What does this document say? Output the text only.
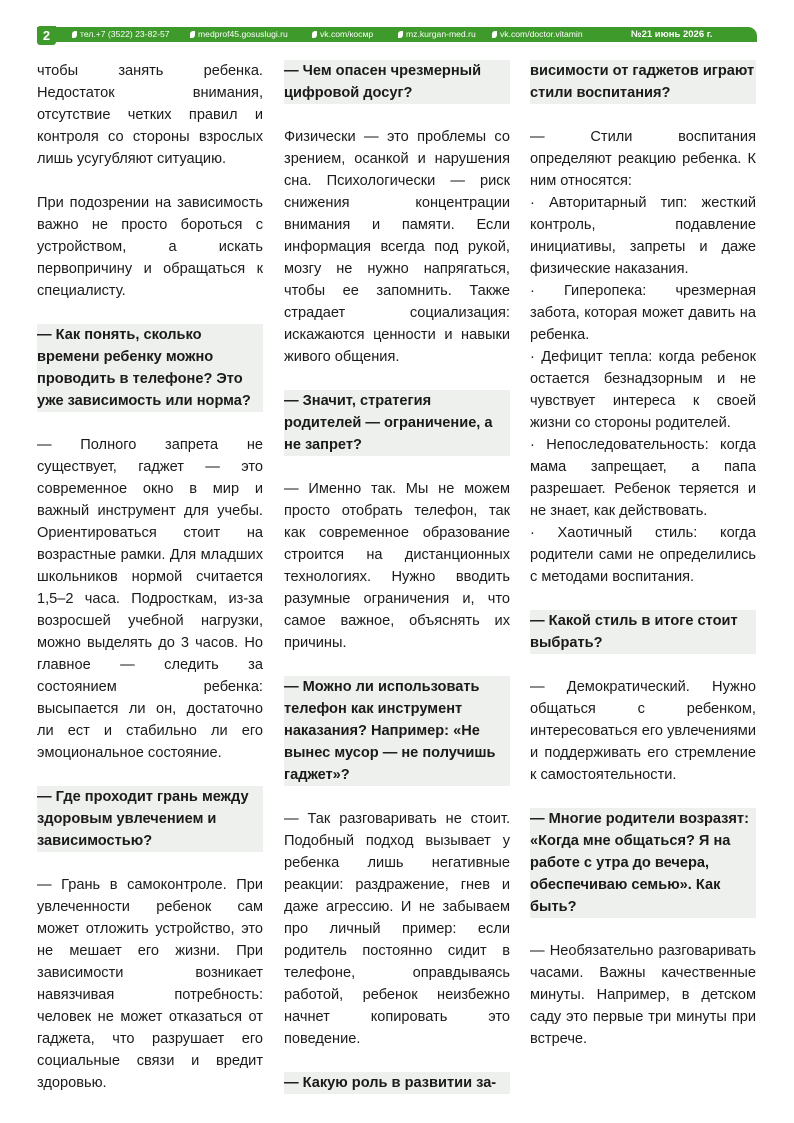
2	тел.+7 (3522) 23-82-57	medprof45.gosuslugi.ru	vk.com/кocмp	mz.kurgan-med.ru	vk.com/doctor.vitamin	№21 июнь 2026 г.

чтобы занять ребенка. Недостаток внимания, отсутствие четких правил и контроля со стороны взрослых лишь усугубляют ситуацию.

При подозрении на зависимость важно не просто бороться с устройством, а искать первопричину и обращаться к специалисту.

— Как понять, сколько времени ребенку можно проводить в телефоне? Это уже зависимость или норма?

— Полного запрета не существует, гаджет — это современное окно в мир и важный инструмент для учебы. Ориентироваться стоит на возрастные рамки. Для младших школьников нормой считается 1,5–2 часа. Подросткам, из-за возросшей учебной нагрузки, можно выделять до 3 часов. Но главное — следить за состоянием ребенка: высыпается ли он, достаточно ли ест и стабильно ли его эмоциональное состояние.

— Где проходит грань между здоровым увлечением и зависимостью?

— Грань в самоконтроле. При увлеченности ребенок сам может отложить устройство, это не мешает его жизни. При зависимости возникает навязчивая потребность: человек не может отказаться от гаджета, что разрушает его социальные связи и вредит здоровью.

— Чем опасен чрезмерный цифровой досуг?

Физически — это проблемы со зрением, осанкой и нарушения сна. Психологически — риск снижения концентрации внимания и памяти. Если информация всегда под рукой, мозгу не нужно напрягаться, чтобы ее запомнить. Также страдает социализация: искажаются ценности и навыки живого общения.

— Значит, стратегия родителей — ограничение, а не запрет?

— Именно так. Мы не можем просто отобрать телефон, так как современное образование строится на дистанционных технологиях. Нужно вводить разумные ограничения и, что самое важное, объяснять их причины.

— Можно ли использовать телефон как инструмент наказания? Например: «Не вынес мусор — не получишь гаджет»?

— Так разговаривать не стоит. Подобный подход вызывает у ребенка лишь негативные реакции: раздражение, гнев и даже агрессию. И не забываем про личный пример: если родитель постоянно сидит в телефоне, оправдываясь работой, ребенок неизбежно начнет копировать это поведение.

— Какую роль в развитии за-
висимости от гаджетов играют стили воспитания?

— Стили воспитания определяют реакцию ребенка. К ним относятся:

· Авторитарный тип: жесткий контроль, подавление инициативы, запреты и даже физические наказания.

· Гиперопека: чрезмерная забота, которая может давить на ребенка.

· Дефицит тепла: когда ребенок остается безнадзорным и не чувствует интереса к своей жизни со стороны родителей.

· Непоследовательность: когда мама запрещает, а папа разрешает. Ребенок теряется и не знает, как действовать.

· Хаотичный стиль: когда родители сами не определились с методами воспитания.

— Какой стиль в итоге стоит выбрать?

— Демократический. Нужно общаться с ребенком, интересоваться его увлечениями и поддерживать его стремление к самостоятельности.

— Многие родители возразят: «Когда мне общаться? Я на работе с утра до вечера, обеспечиваю семью». Как быть?

— Необязательно разговаривать часами. Важны качественные минуты. Например, в детском саду это первые три минуты при встрече.
